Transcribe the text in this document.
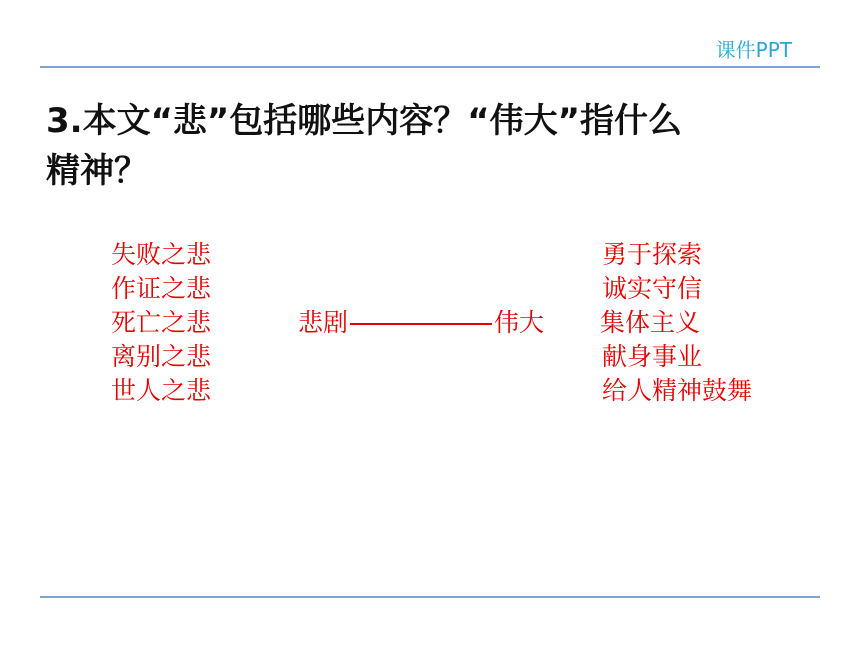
课件PPT
3.本文“悲”包括哪些内容？“伟大”指什么
精神？
失败之悲
作证之悲
死亡之悲
离别之悲
世人之悲
悲剧	伟大
勇于探索
诚实守信
集体主义
献身事业
给人精神鼓舞
